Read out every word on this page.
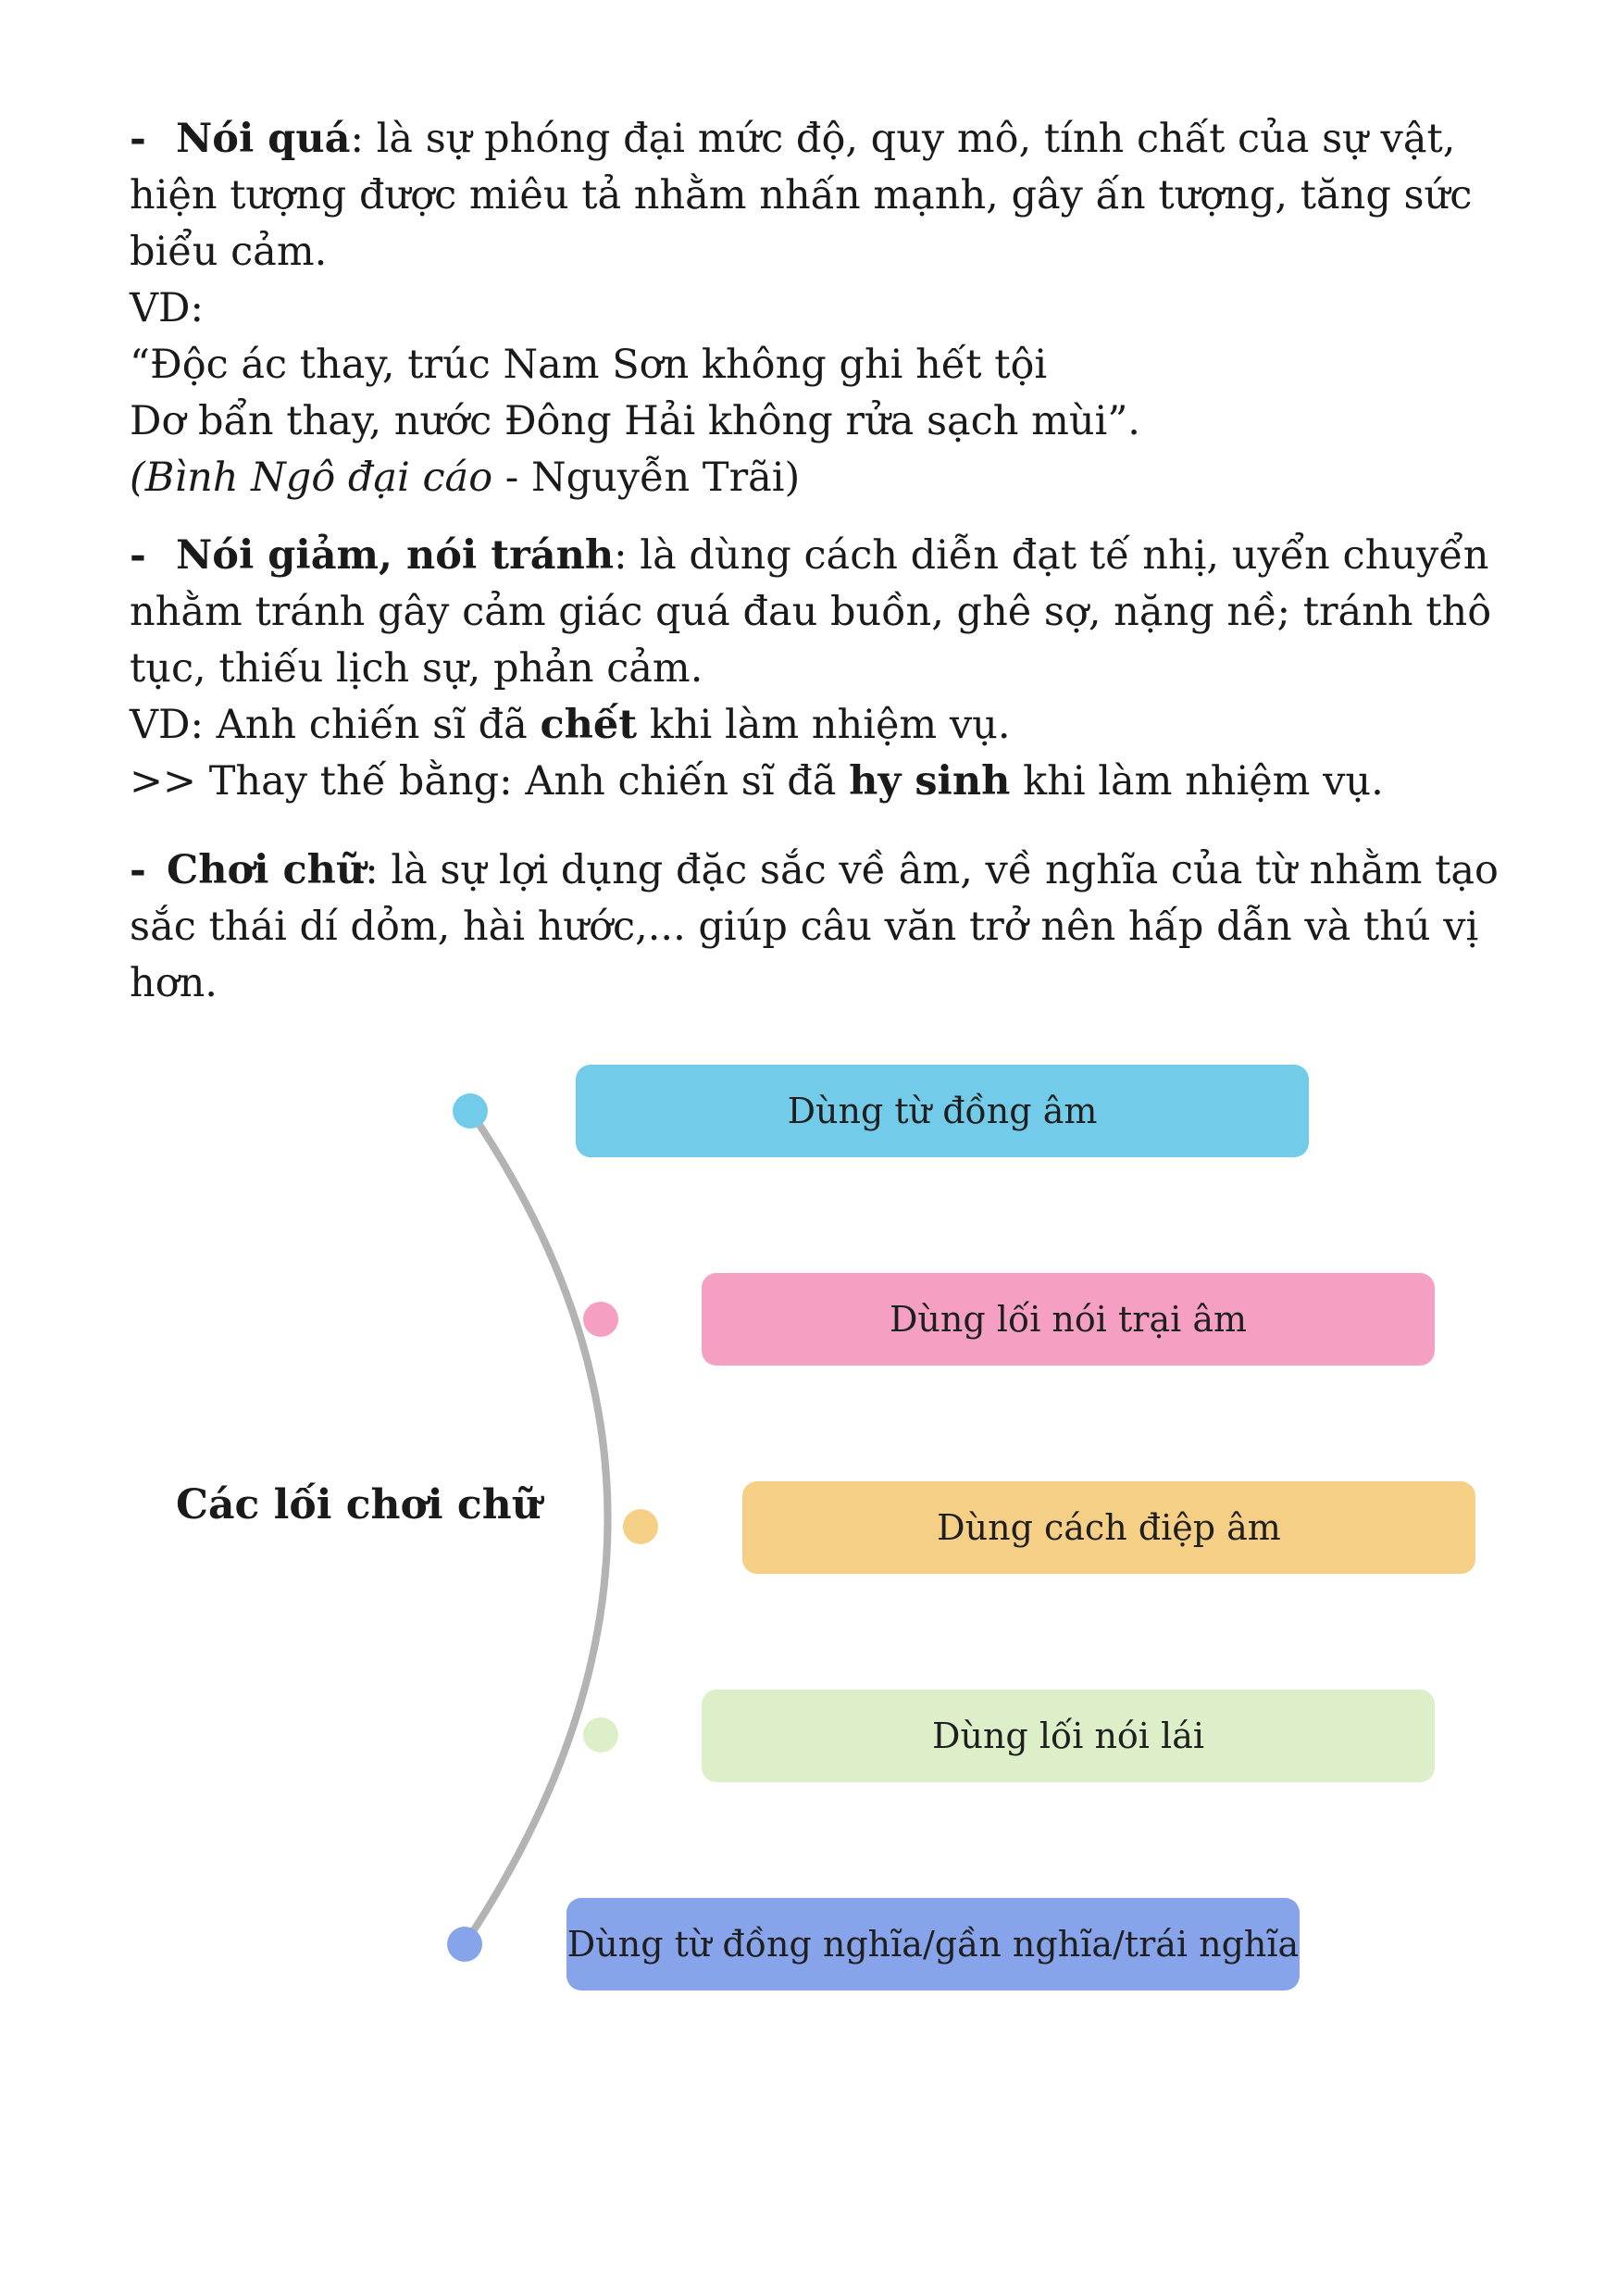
- Nói quá: là sự phóng đại mức độ, quy mô, tính chất của sự vật, hiện tượng được miêu tả nhằm nhấn mạnh, gây ấn tượng, tăng sức biểu cảm.

VD:

“Độc ác thay, trúc Nam Sơn không ghi hết tội

Dơ bẩn thay, nước Đông Hải không rửa sạch mùi”.

(Bình Ngô đại cáo - Nguyễn Trãi)

- Nói giảm, nói tránh: là dùng cách diễn đạt tế nhị, uyển chuyển nhằm tránh gây cảm giác quá đau buồn, ghê sợ, nặng nề; tránh thô tục, thiếu lịch sự, phản cảm.

VD: Anh chiến sĩ đã chết khi làm nhiệm vụ.

>> Thay thế bằng: Anh chiến sĩ đã hy sinh khi làm nhiệm vụ.

- Chơi chữ: là sự lợi dụng đặc sắc về âm, về nghĩa của từ nhằm tạo sắc thái dí dỏm, hài hước,... giúp câu văn trở nên hấp dẫn và thú vị hơn.

Các lối chơi chữ
Dùng từ đồng âm
Dùng lối nói trại âm
Dùng cách điệp âm
Dùng lối nói lái
Dùng từ đồng nghĩa/gần nghĩa/trái nghĩa
